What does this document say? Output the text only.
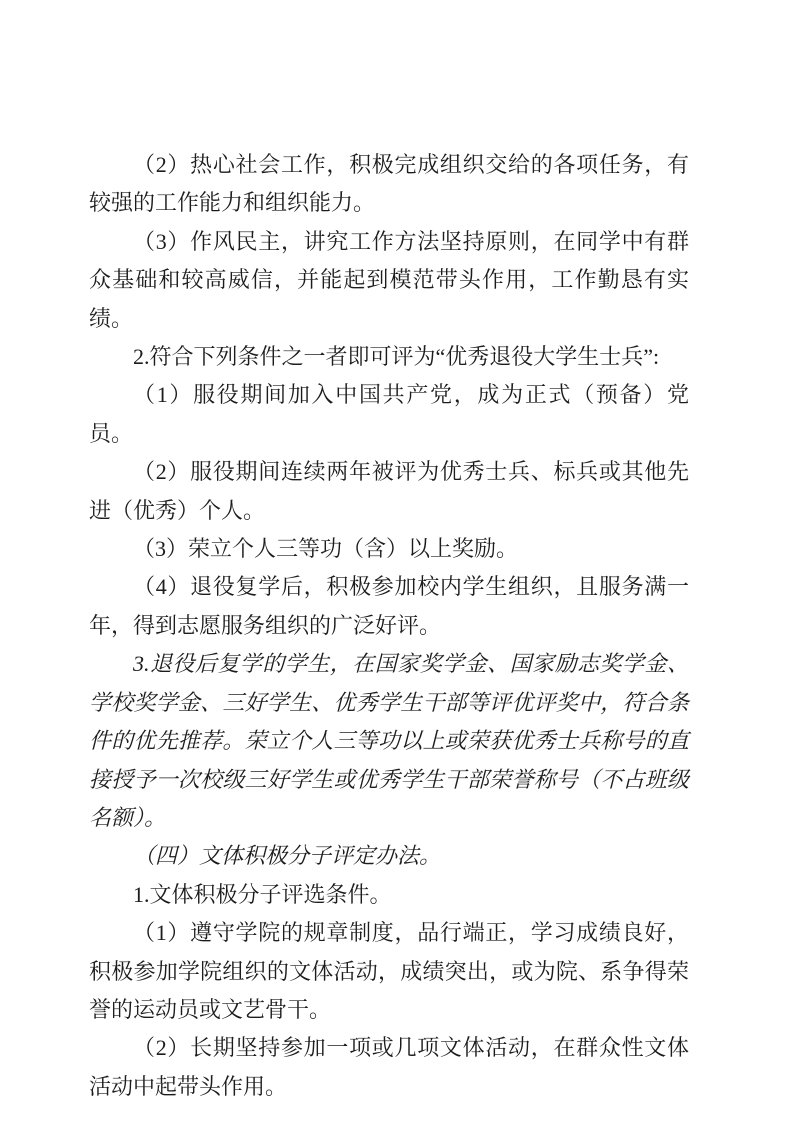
（2）热心社会工作，积极完成组织交给的各项任务，有较强的工作能力和组织能力。

（3）作风民主，讲究工作方法坚持原则，在同学中有群众基础和较高威信，并能起到模范带头作用，工作勤恳有实绩。

2.符合下列条件之一者即可评为“优秀退役大学生士兵”:

（1）服役期间加入中国共产党，成为正式（预备）党员。

（2）服役期间连续两年被评为优秀士兵、标兵或其他先进（优秀）个人。

（3）荣立个人三等功（含）以上奖励。

（4）退役复学后，积极参加校内学生组织，且服务满一年，得到志愿服务组织的广泛好评。

3.退役后复学的学生，在国家奖学金、国家励志奖学金、学校奖学金、三好学生、优秀学生干部等评优评奖中，符合条件的优先推荐。荣立个人三等功以上或荣获优秀士兵称号的直接授予一次校级三好学生或优秀学生干部荣誉称号（不占班级名额）。

（四）文体积极分子评定办法。

1.文体积极分子评选条件。

（1）遵守学院的规章制度，品行端正，学习成绩良好，积极参加学院组织的文体活动，成绩突出，或为院、系争得荣誉的运动员或文艺骨干。

（2）长期坚持参加一项或几项文体活动，在群众性文体活动中起带头作用。
